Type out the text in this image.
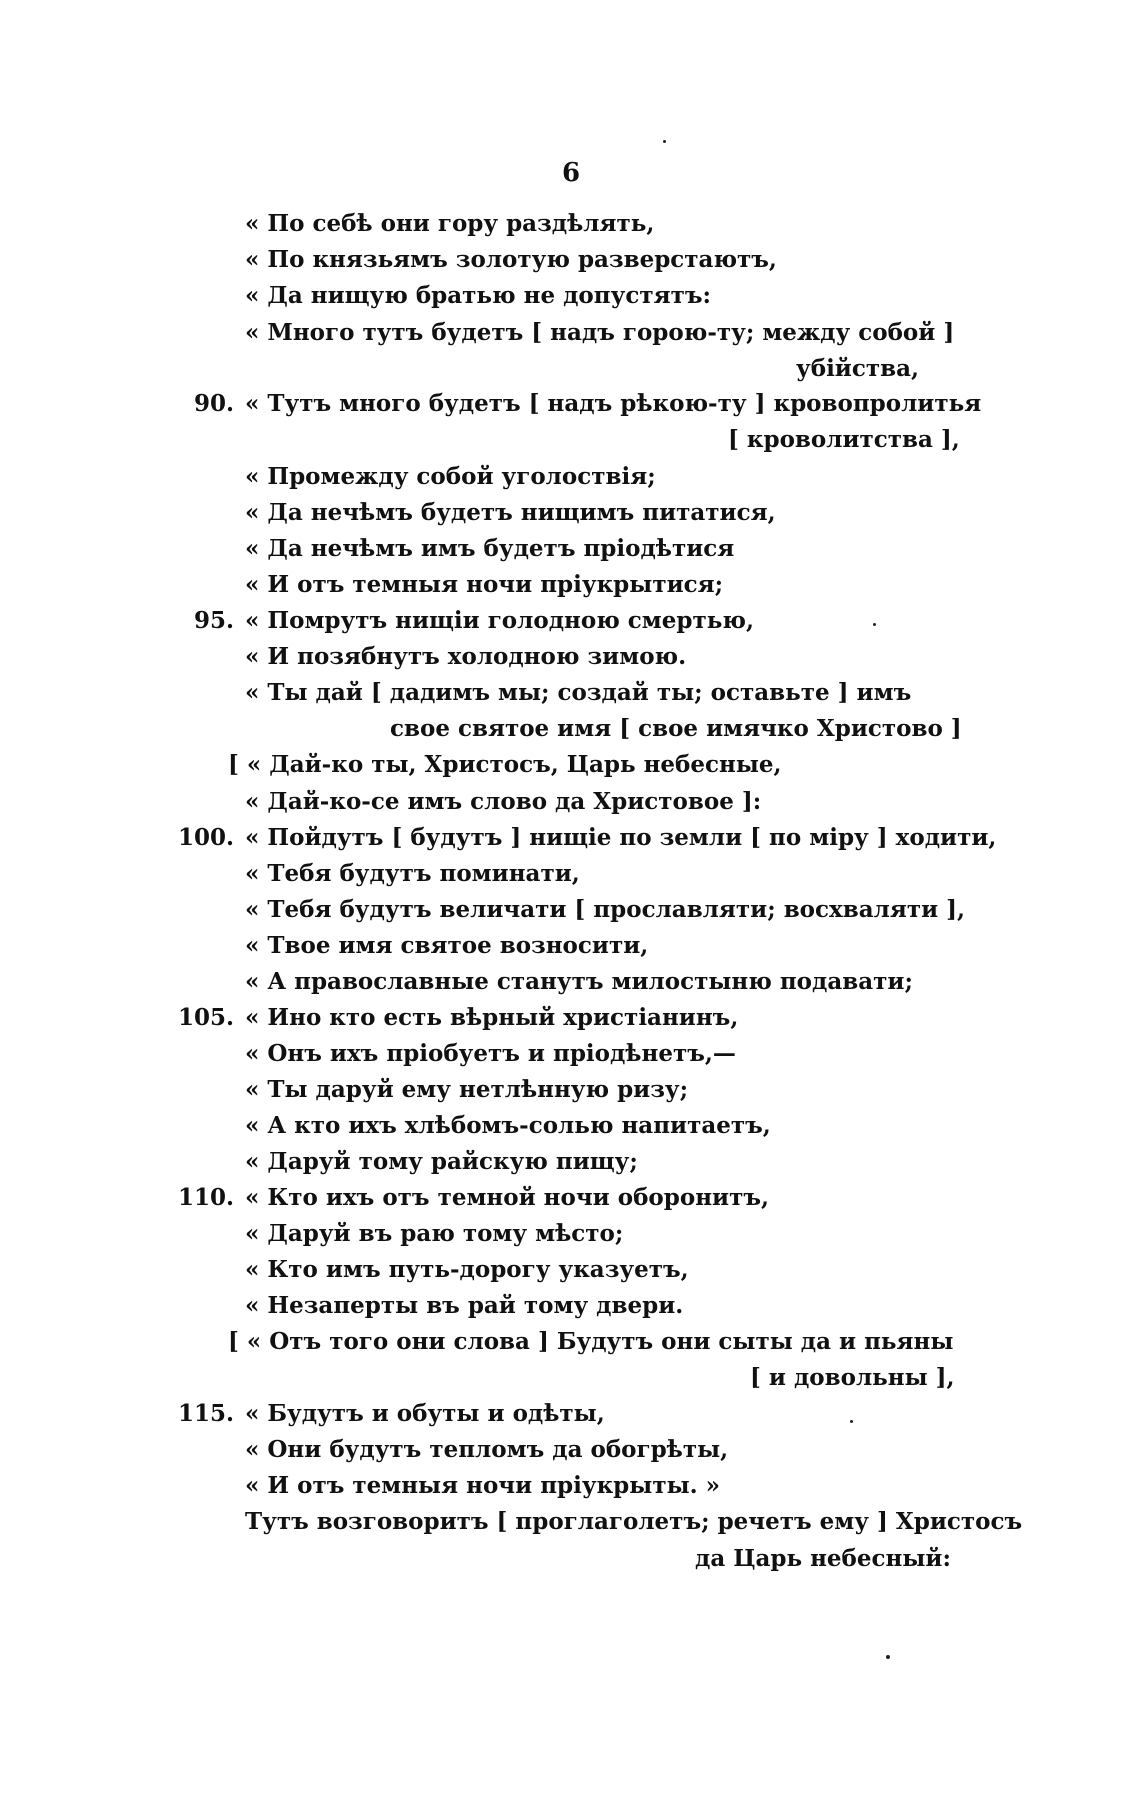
6
90.
95.
100.
105.
110.
115.
« По себѣ они гору раздѣлять,
« По князьямъ золотую разверстаютъ,
« Да нищую братью не допустятъ:
« Много тутъ будетъ [ надъ горою-ту; между собой ]
убійства,
« Тутъ много будетъ [ надъ рѣкою-ту ] кровопролитья
[ кроволитства ],
« Промежду собой уголоствія;
« Да нечѣмъ будетъ нищимъ питатися,
« Да нечѣмъ имъ будетъ пріодѣтися
« И отъ темныя ночи пріукрытися;
« Помрутъ нищіи голодною смертью,
« И позябнутъ холодною зимою.
« Ты дай [ дадимъ мы; создай ты; оставьте ] имъ
свое святое имя [ свое имячко Христово ]
[ « Дай-ко ты, Христосъ, Царь небесные,
« Дай-ко-се имъ слово да Христовое ]:
« Пойдутъ [ будутъ ] нищіе по земли [ по міру ] ходити,
« Тебя будутъ поминати,
« Тебя будутъ величати [ прославляти; восхваляти ],
« Твое имя святое возносити,
« А православные станутъ милостыню подавати;
« Ино кто есть вѣрный христіанинъ,
« Онъ ихъ пріобуетъ и пріодѣнетъ,—
« Ты даруй ему нетлѣнную ризу;
« А кто ихъ хлѣбомъ-солью напитаетъ,
« Даруй тому райскую пищу;
« Кто ихъ отъ темной ночи оборонитъ,
« Даруй въ раю тому мѣсто;
« Кто имъ путь-дорогу указуетъ,
« Незаперты въ рай тому двери.
[ « Отъ того они слова ] Будутъ они сыты да и пьяны
[ и довольны ],
« Будутъ и обуты и одѣты,
« Они будутъ тепломъ да обогрѣты,
« И отъ темныя ночи пріукрыты. »
Тутъ возговоритъ [ проглаголетъ; речетъ ему ] Христосъ
да Царь небесный:
